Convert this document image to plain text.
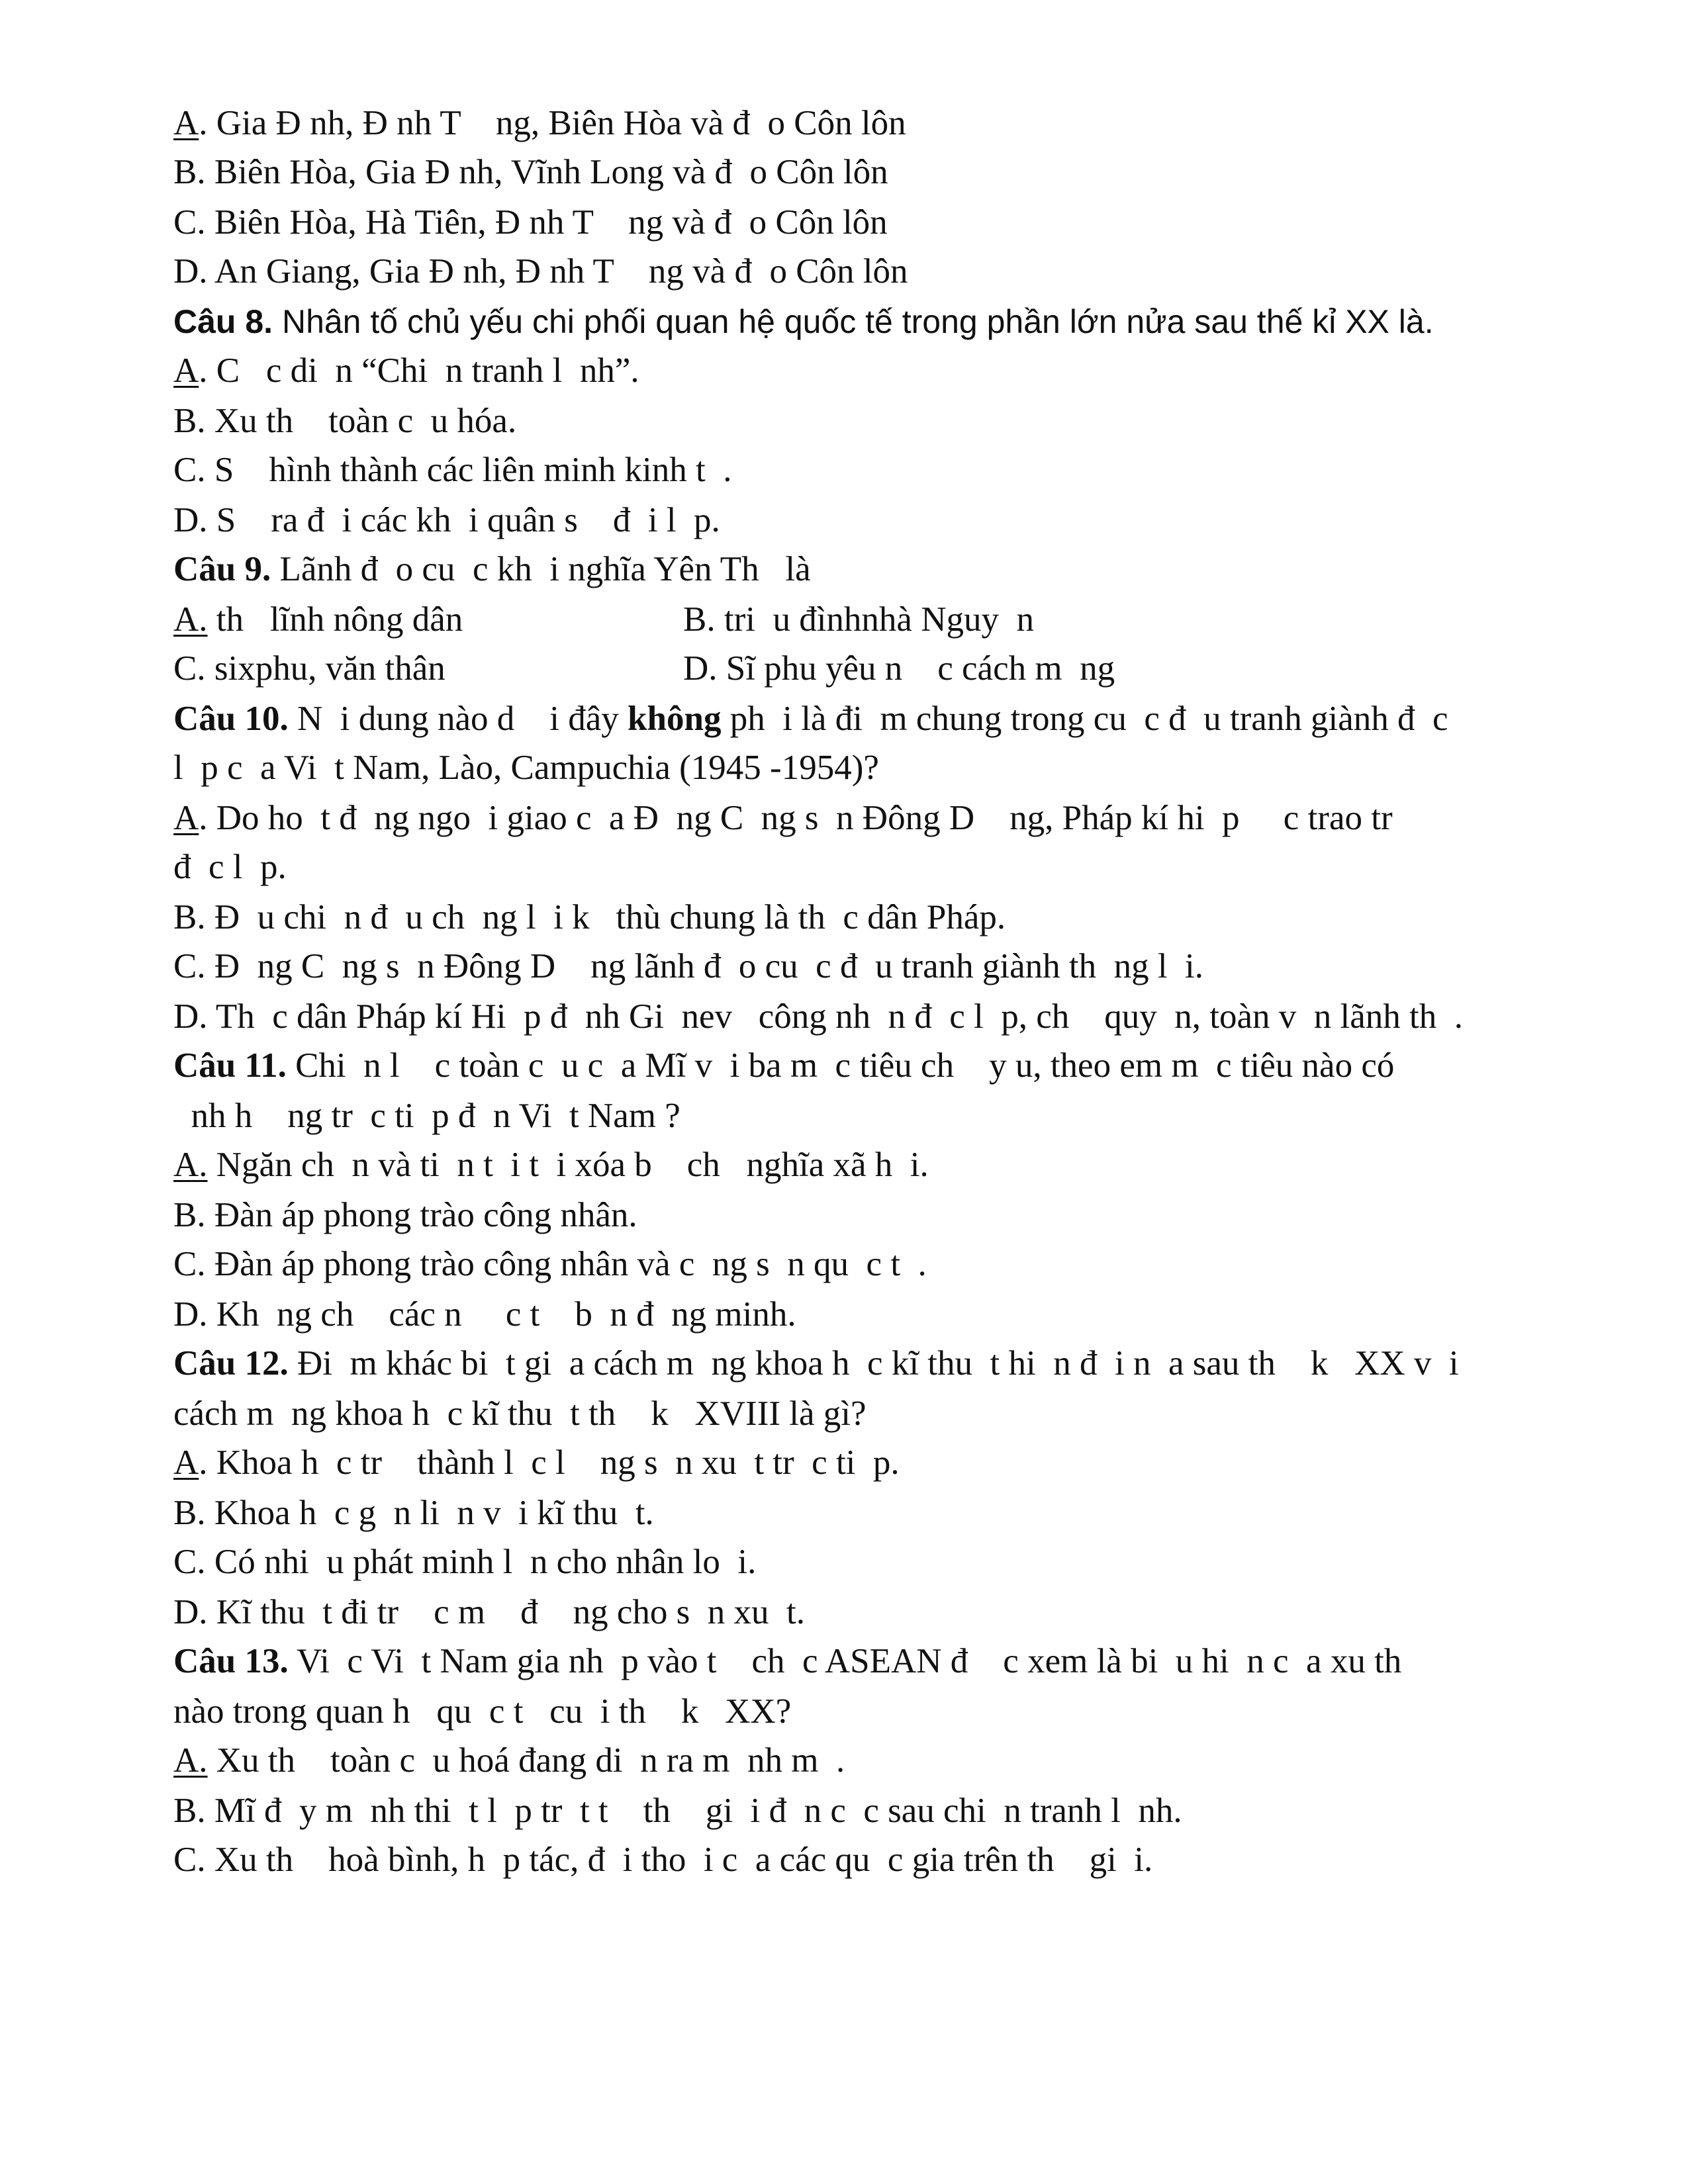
A. Gia Đ nh, Đ nh T    ng, Biên Hòa và đ  o Côn lôn
B. Biên Hòa, Gia Đ nh, Vĩnh Long và đ  o Côn lôn
C. Biên Hòa, Hà Tiên, Đ nh T    ng và đ  o Côn lôn
D. An Giang, Gia Đ nh, Đ nh T    ng và đ  o Côn lôn
Câu 8. Nhân tố chủ yếu chi phối quan hệ quốc tế trong phần lớn nửa sau thế kỉ XX là.
A. C   c di  n “Chi  n tranh l  nh”.
B. Xu th    toàn c  u hóa.
C. S    hình thành các liên minh kinh t  .
D. S    ra đ  i các kh  i quân s    đ  i l  p.
Câu 9. Lãnh đ  o cu  c kh  i nghĩa Yên Th   là
A. th   lĩnh nông dân	B. tri  u đìnhnhà Nguy  n
C. sixphu, văn thân	D. Sĩ phu yêu n    c cách m  ng
Câu 10. N  i dung nào d    i đây không ph  i là đi  m chung trong cu  c đ  u tranh giành đ  c
l  p c  a Vi  t Nam, Lào, Campuchia (1945 -1954)?
A. Do ho  t đ  ng ngo  i giao c  a Đ  ng C  ng s  n Đông D    ng, Pháp kí hi  p     c trao tr
đ  c l  p.
B. Đ  u chi  n đ  u ch  ng l  i k   thù chung là th  c dân Pháp.
C. Đ  ng C  ng s  n Đông D    ng lãnh đ  o cu  c đ  u tranh giành th  ng l  i.
D. Th  c dân Pháp kí Hi  p đ  nh Gi  nev   công nh  n đ  c l  p, ch    quy  n, toàn v  n lãnh th  .
Câu 11. Chi  n l    c toàn c  u c  a Mĩ v  i ba m  c tiêu ch    y u, theo em m  c tiêu nào có
nh h    ng tr  c ti  p đ  n Vi  t Nam ?
A. Ngăn ch  n và ti  n t  i t  i xóa b    ch   nghĩa xã h  i.
B. Đàn áp phong trào công nhân.
C. Đàn áp phong trào công nhân và c  ng s  n qu  c t  .
D. Kh  ng ch    các n     c t    b  n đ  ng minh.
Câu 12. Đi  m khác bi  t gi  a cách m  ng khoa h  c kĩ thu  t hi  n đ  i n  a sau th    k   XX v  i
cách m  ng khoa h  c kĩ thu  t th    k   XVIII là gì?
A. Khoa h  c tr    thành l  c l    ng s  n xu  t tr  c ti  p.
B. Khoa h  c g  n li  n v  i kĩ thu  t.
C. Có nhi  u phát minh l  n cho nhân lo  i.
D. Kĩ thu  t đi tr    c m    đ    ng cho s  n xu  t.
Câu 13. Vi  c Vi  t Nam gia nh  p vào t    ch  c ASEAN đ    c xem là bi  u hi  n c  a xu th
nào trong quan h   qu  c t   cu  i th    k   XX?
A. Xu th    toàn c  u hoá đang di  n ra m  nh m  .
B. Mĩ đ  y m  nh thi  t l  p tr  t t    th    gi  i đ  n c  c sau chi  n tranh l  nh.
C. Xu th    hoà bình, h  p tác, đ  i tho  i c  a các qu  c gia trên th    gi  i.
